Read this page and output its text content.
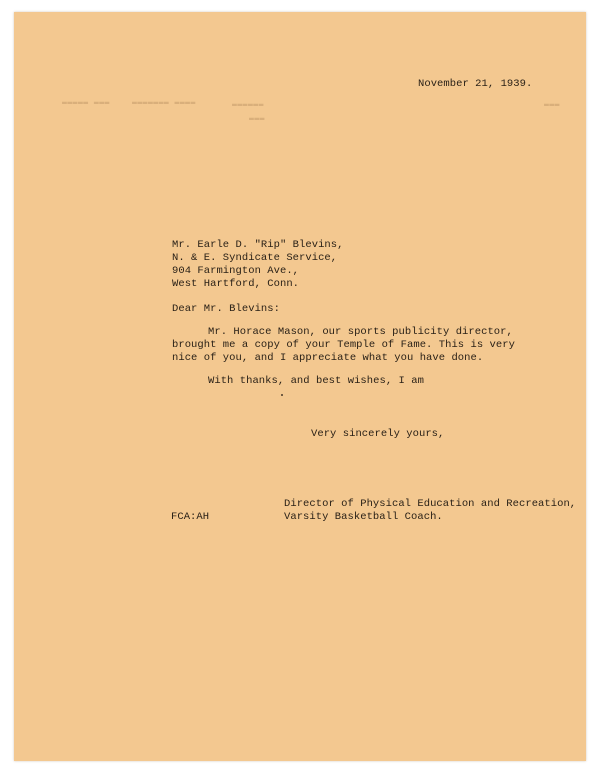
▬▬▬▬▬ ▬▬▬	▬▬▬▬▬▬▬ ▬▬▬▬	▬▬▬▬▬▬
▬▬▬
▬▬▬
November 21, 1939.
Mr. Earle D. "Rip" Blevins,
N. & E. Syndicate Service,
904 Farmington Ave.,
West Hartford, Conn.
Dear Mr. Blevins:
Mr. Horace Mason, our sports publicity director,
brought me a copy of your Temple of Fame. This is very
nice of you, and I appreciate what you have done.
With thanks, and best wishes, I am
Very sincerely yours,
Director of Physical Education and Recreation,
Varsity Basketball Coach.
FCA:AH
